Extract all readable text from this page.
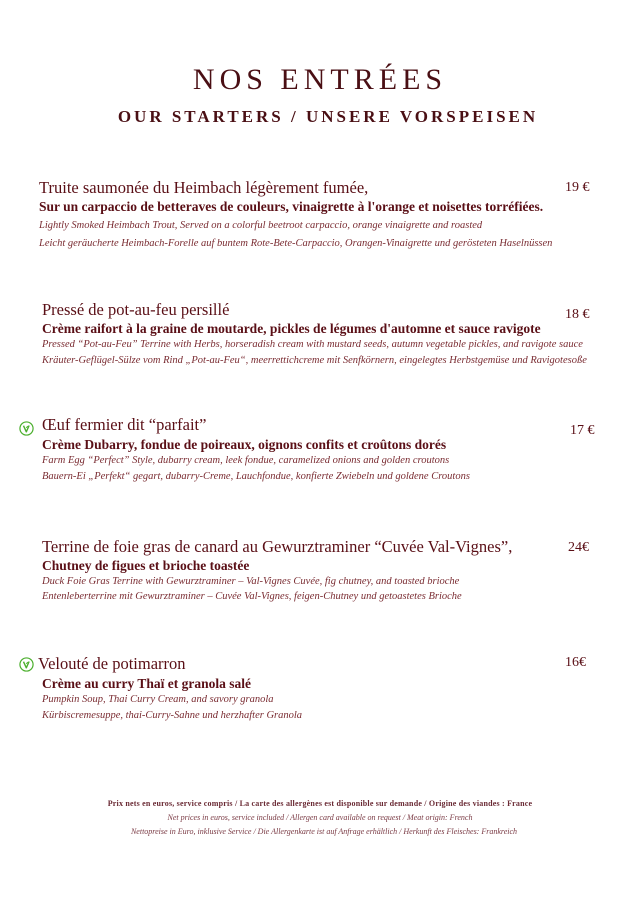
NOS ENTRÉES
OUR STARTERS / UNSERE VORSPEISEN
Truite saumonée du Heimbach légèrement fumée,	19 €
Sur un carpaccio de betteraves de couleurs, vinaigrette à l'orange et noisettes torréfiées.
Lightly Smoked Heimbach Trout, Served on a colorful beetroot carpaccio, orange vinaigrette and roasted
Leicht geräucherte Heimbach-Forelle auf buntem Rote-Bete-Carpaccio, Orangen-Vinaigrette und gerösteten Haselnüssen
Pressé de pot-au-feu persillé	18 €
Crème raifort à la graine de moutarde, pickles de légumes d'automne et sauce ravigote
Pressed “Pot-au-Feu” Terrine with Herbs, horseradish cream with mustard seeds, autumn vegetable pickles, and ravigote sauce
Kräuter-Geflügel-Sülze vom Rind „Pot-au-Feu“, meerrettichcreme mit Senfkörnern, eingelegtes Herbstgemüse und Ravigotesoße
Œuf fermier dit “parfait”	17 €
Crème Dubarry, fondue de poireaux, oignons confits et croûtons dorés
Farm Egg “Perfect” Style, dubarry cream, leek fondue, caramelized onions and golden croutons
Bauern-Ei „Perfekt“ gegart, dubarry-Creme, Lauchfondue, konfierte Zwiebeln und goldene Croutons
Terrine de foie gras de canard au Gewurztraminer “Cuvée Val-Vignes”,	24€
Chutney de figues et brioche toastée
Duck Foie Gras Terrine with Gewurztraminer – Val-Vignes Cuvée, fig chutney, and toasted brioche
Entenleberterrine mit Gewurztraminer – Cuvée Val-Vignes, feigen-Chutney und getoastetes Brioche
Velouté de potimarron	16€
Crème au curry Thaï et granola salé
Pumpkin Soup, Thai Curry Cream, and savory granola
Kürbiscremesuppe, thai-Curry-Sahne und herzhafter Granola
Prix nets en euros, service compris / La carte des allergènes est disponible sur demande / Origine des viandes : France
Net prices in euros, service included / Allergen card available on request / Meat origin: French
Nettopreise in Euro, inklusive Service / Die Allergenkarte ist auf Anfrage erhältlich / Herkunft des Fleisches: Frankreich
